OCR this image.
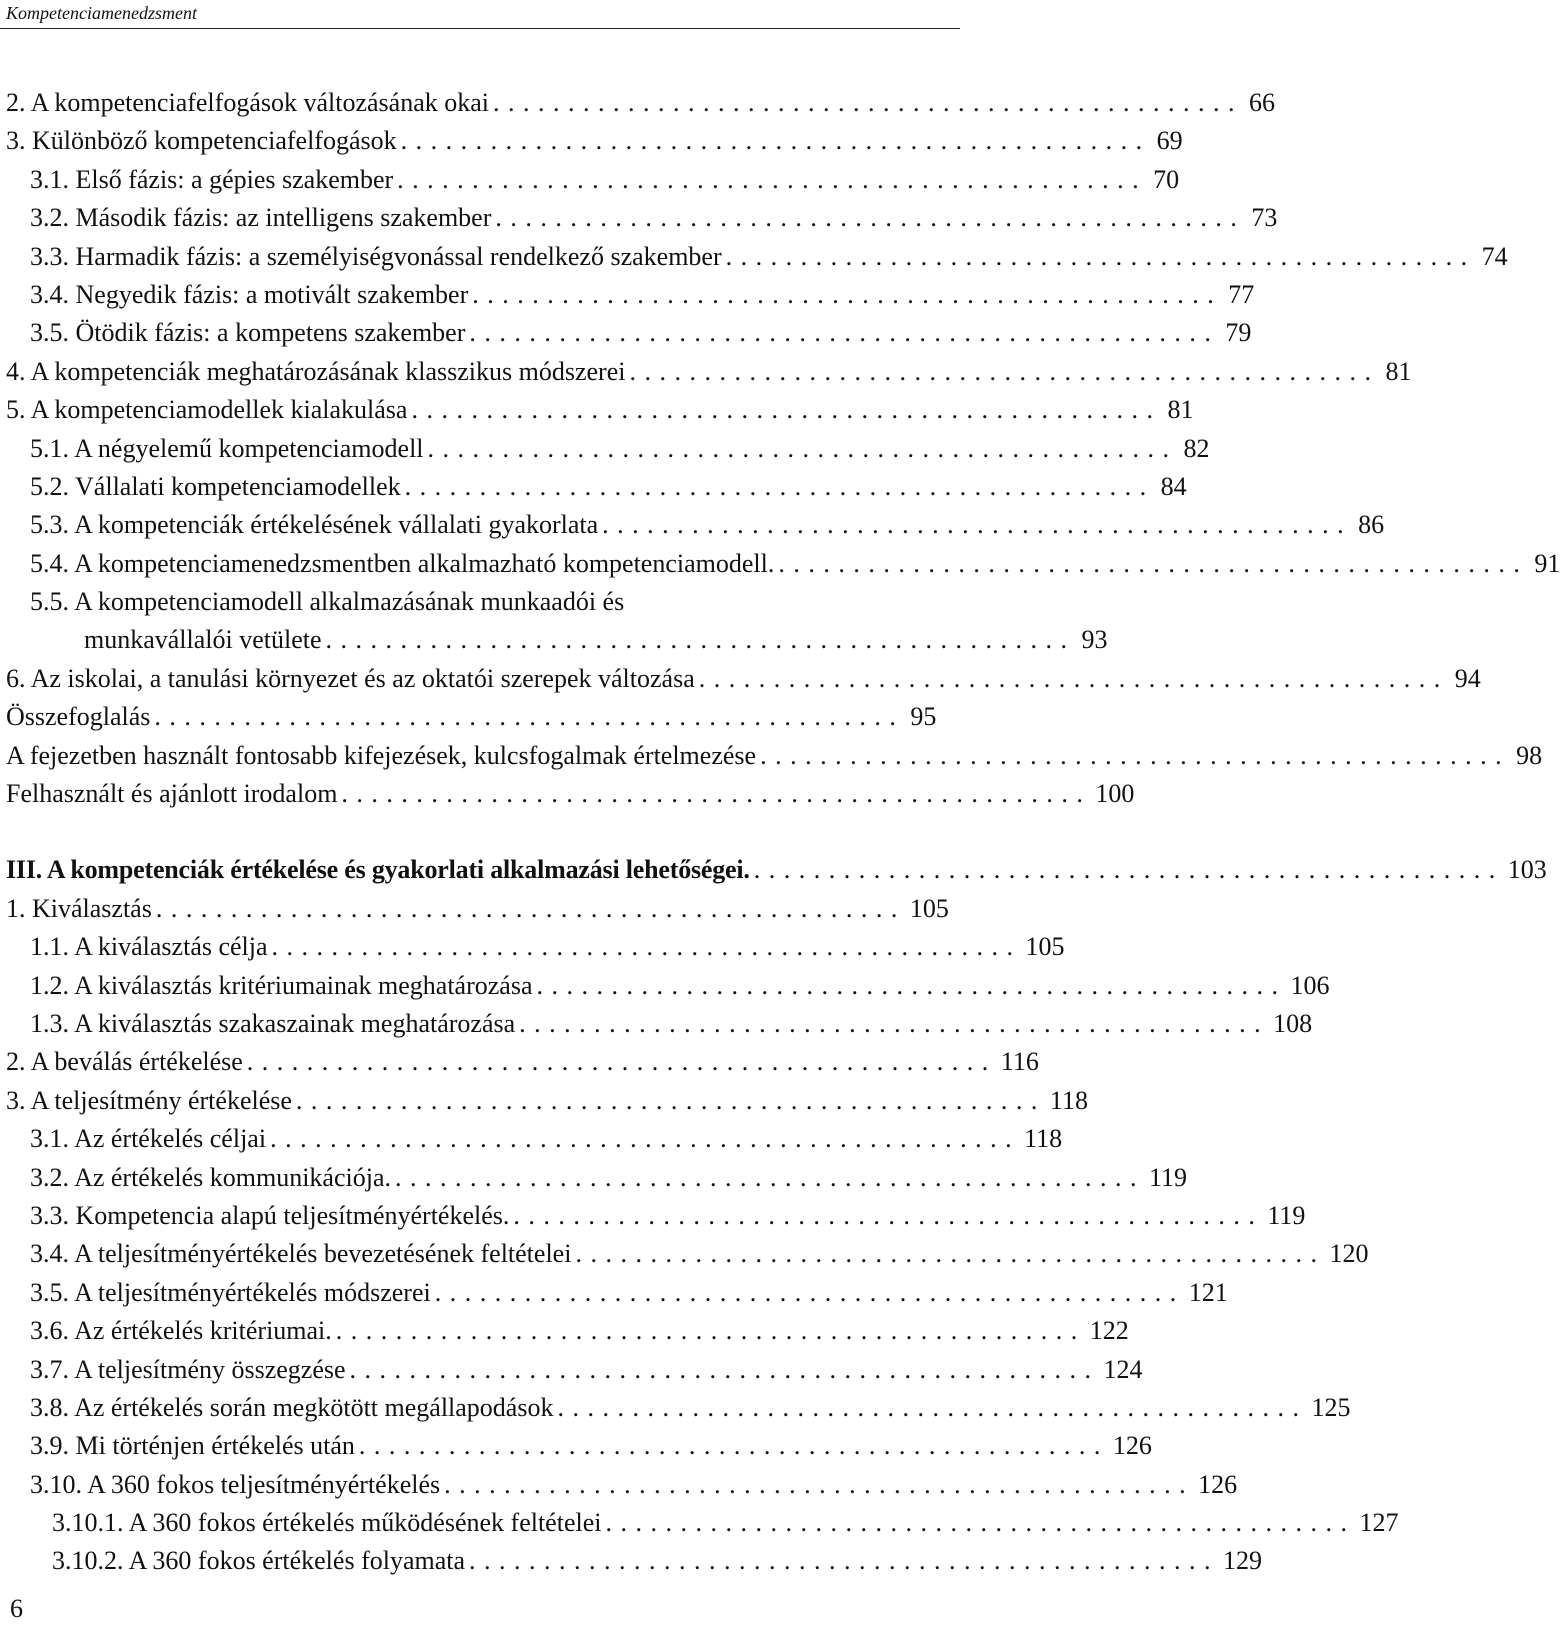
Kompetenciamenedzsment
2. A kompetenciafelfogások változásának okai .................................................. 66
3. Különböző kompetenciafelfogások .................................................. 69
3.1. Első fázis: a gépies szakember .................................................. 70
3.2. Második fázis: az intelligens szakember .................................................. 73
3.3. Harmadik fázis: a személyiségvonással rendelkező szakember .................................................. 74
3.4. Negyedik fázis: a motivált szakember .................................................. 77
3.5. Ötödik fázis: a kompetens szakember .................................................. 79
4. A kompetenciák meghatározásának klasszikus módszerei .................................................. 81
5. A kompetenciamodellek kialakulása .................................................. 81
5.1. A négyelemű kompetenciamodell .................................................. 82
5.2. Vállalati kompetenciamodellek .................................................. 84
5.3. A kompetenciák értékelésének vállalati gyakorlata .................................................. 86
5.4. A kompetenciamenedzsmentben alkalmazható kompetenciamodell. .................................................. 91
5.5. A kompetenciamodell alkalmazásának munkaadói és
munkavállalói vetülete .................................................. 93
6. Az iskolai, a tanulási környezet és az oktatói szerepek változása .................................................. 94
Összefoglalás .................................................. 95
A fejezetben használt fontosabb kifejezések, kulcsfogalmak értelmezése .................................................. 98
Felhasznált és ajánlott irodalom .................................................. 100
III. A kompetenciák értékelése és gyakorlati alkalmazási lehetőségei. .................................................. 103
1. Kiválasztás .................................................. 105
1.1. A kiválasztás célja .................................................. 105
1.2. A kiválasztás kritériumainak meghatározása .................................................. 106
1.3. A kiválasztás szakaszainak meghatározása .................................................. 108
2. A beválás értékelése .................................................. 116
3. A teljesítmény értékelése .................................................. 118
3.1. Az értékelés céljai .................................................. 118
3.2. Az értékelés kommunikációja. .................................................. 119
3.3. Kompetencia alapú teljesítményértékelés. .................................................. 119
3.4. A teljesítményértékelés bevezetésének feltételei .................................................. 120
3.5. A teljesítményértékelés módszerei .................................................. 121
3.6. Az értékelés kritériumai. .................................................. 122
3.7. A teljesítmény összegzése .................................................. 124
3.8. Az értékelés során megkötött megállapodások .................................................. 125
3.9. Mi történjen értékelés után .................................................. 126
3.10. A 360 fokos teljesítményértékelés .................................................. 126
3.10.1. A 360 fokos értékelés működésének feltételei .................................................. 127
3.10.2. A 360 fokos értékelés folyamata .................................................. 129
6
